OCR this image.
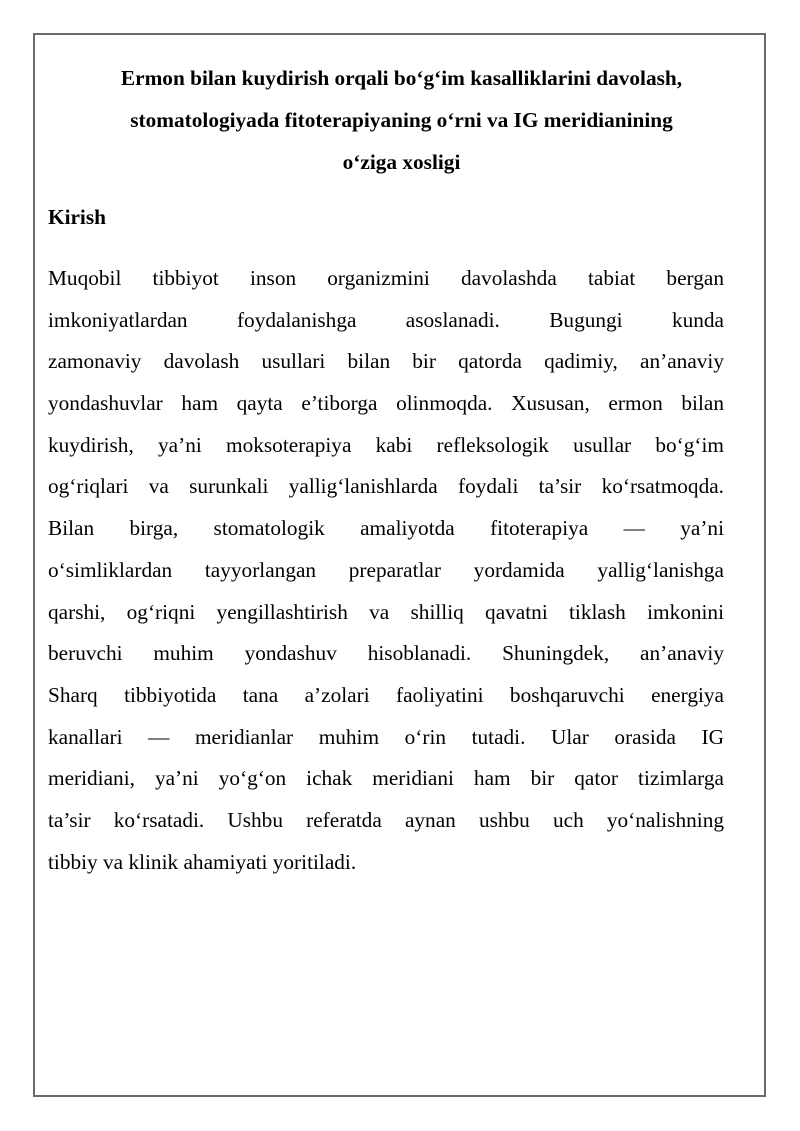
Ermon bilan kuydirish orqali bo‘g‘im kasalliklarini davolash,
stomatologiyada fitoterapiyaning o‘rni va IG meridianining
o‘ziga xosligi
Kirish
Muqobil tibbiyot inson organizmini davolashda tabiat bergan
imkoniyatlardan foydalanishga asoslanadi. Bugungi kunda
zamonaviy davolash usullari bilan bir qatorda qadimiy, an’anaviy
yondashuvlar ham qayta e’tiborga olinmoqda. Xususan, ermon bilan
kuydirish, ya’ni moksoterapiya kabi refleksologik usullar bo‘g‘im
og‘riqlari va surunkali yallig‘lanishlarda foydali ta’sir ko‘rsatmoqda.
Bilan birga, stomatologik amaliyotda fitoterapiya — ya’ni
o‘simliklardan tayyorlangan preparatlar yordamida yallig‘lanishga
qarshi, og‘riqni yengillashtirish va shilliq qavatni tiklash imkonini
beruvchi muhim yondashuv hisoblanadi. Shuningdek, an’anaviy
Sharq tibbiyotida tana a’zolari faoliyatini boshqaruvchi energiya
kanallari — meridianlar muhim o‘rin tutadi. Ular orasida IG
meridiani, ya’ni yo‘g‘on ichak meridiani ham bir qator tizimlarga
ta’sir ko‘rsatadi. Ushbu referatda aynan ushbu uch yo‘nalishning
tibbiy va klinik ahamiyati yoritiladi.
